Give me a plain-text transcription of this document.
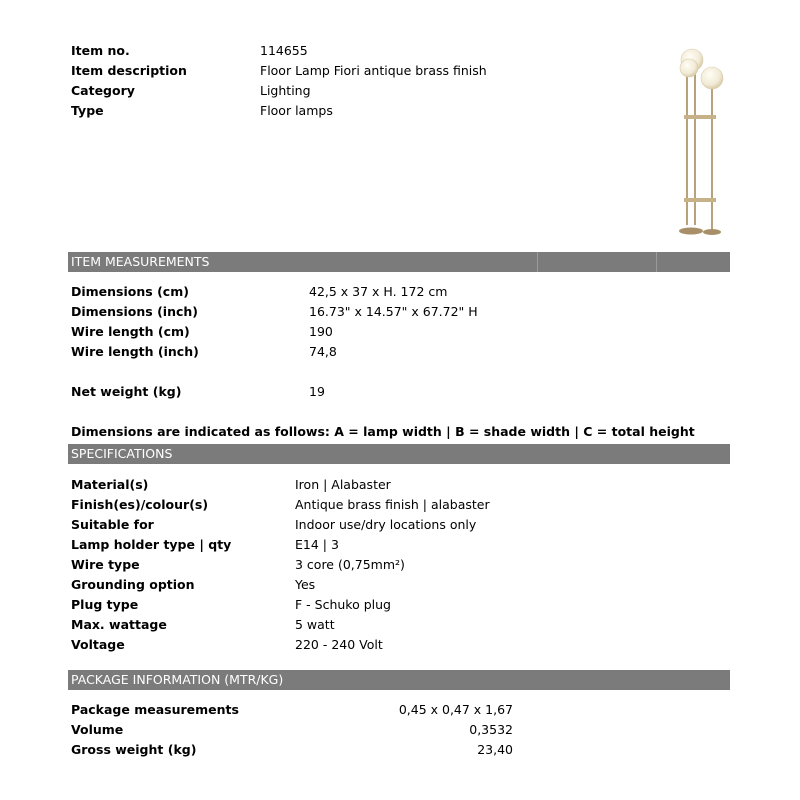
Item no.	114655
Item description	Floor Lamp Fiori antique brass finish
Category	Lighting
Type	Floor lamps
ITEM MEASUREMENTS
Dimensions (cm)	42,5 x 37 x H. 172 cm
Dimensions (inch)	16.73" x 14.57" x 67.72" H
Wire length (cm)	190
Wire length (inch)	74,8
Net weight (kg)	19
Dimensions are indicated as follows: A = lamp width | B = shade width | C = total height
SPECIFICATIONS
Material(s)	Iron | Alabaster
Finish(es)/colour(s)	Antique brass finish | alabaster
Suitable for	Indoor use/dry locations only
Lamp holder type | qty	E14 | 3
Wire type	3 core (0,75mm²)
Grounding option	Yes
Plug type	F - Schuko plug
Max. wattage	5 watt
Voltage	220 - 240 Volt
PACKAGE INFORMATION (MTR/KG)
Package measurements	0,45 x 0,47 x 1,67
Volume	0,3532
Gross weight (kg)	23,40
